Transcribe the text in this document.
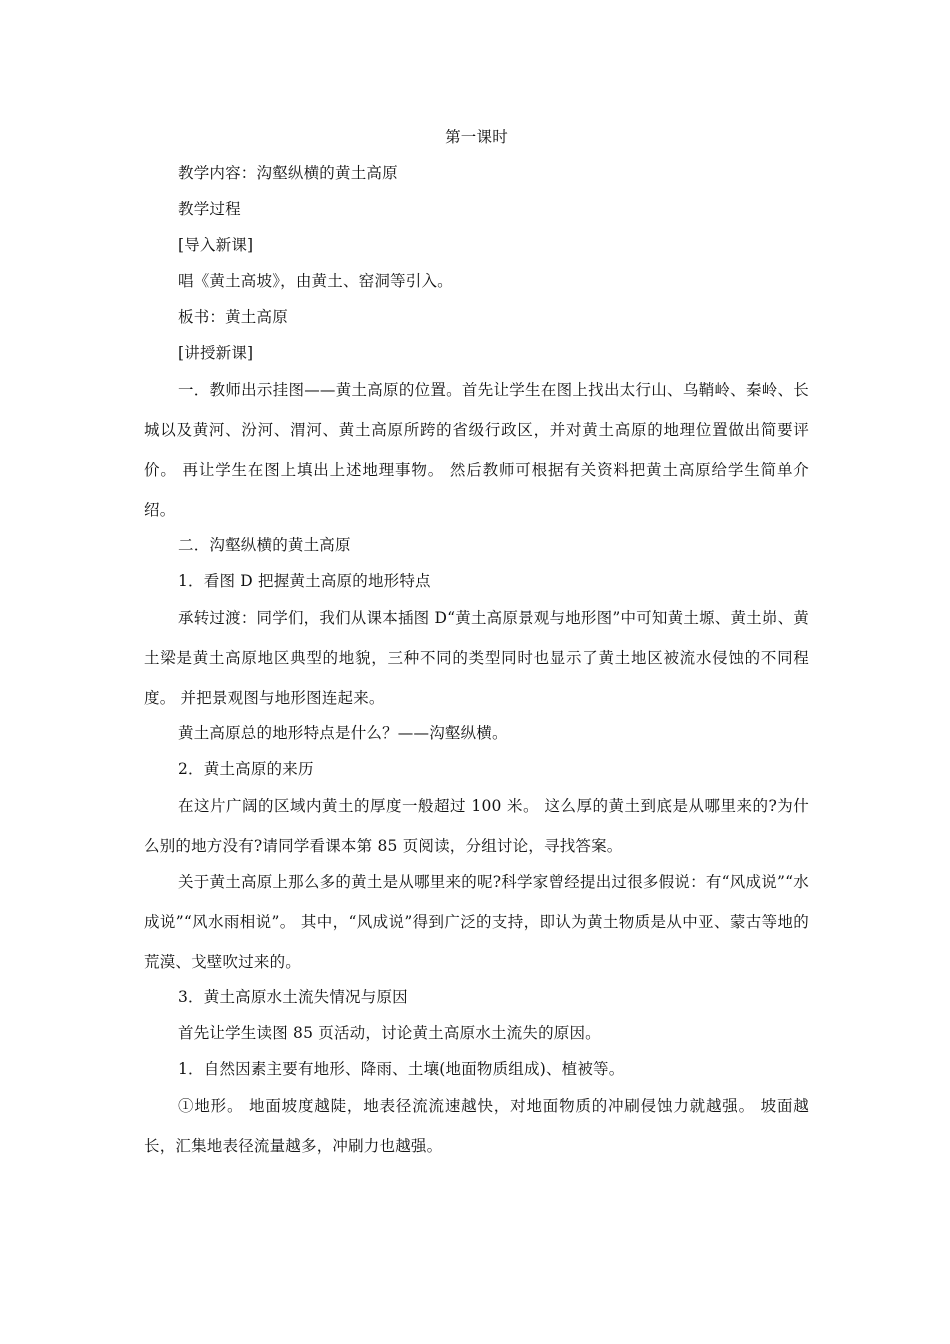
第一课时

教学内容：沟壑纵横的黄土高原

教学过程

[导入新课]

唱《黄土高坡》，由黄土、窑洞等引入。

板书：黄土高原

[讲授新课]

一．教师出示挂图——黄土高原的位置。首先让学生在图上找出太行山、乌鞘岭、秦岭、长城以及黄河、汾河、渭河、黄土高原所跨的省级行政区，并对黄土高原的地理位置做出简要评价。 再让学生在图上填出上述地理事物。 然后教师可根据有关资料把黄土高原给学生简单介绍。

二．沟壑纵横的黄土高原

1．看图 D 把握黄土高原的地形特点

承转过渡：同学们，我们从课本插图 D“黄土高原景观与地形图”中可知黄土塬、黄土峁、黄土梁是黄土高原地区典型的地貌，三种不同的类型同时也显示了黄土地区被流水侵蚀的不同程度。 并把景观图与地形图连起来。

黄土高原总的地形特点是什么？——沟壑纵横。

2．黄土高原的来历

在这片广阔的区域内黄土的厚度一般超过 100 米。 这么厚的黄土到底是从哪里来的?为什么别的地方没有?请同学看课本第 85 页阅读，分组讨论，寻找答案。

关于黄土高原上那么多的黄土是从哪里来的呢?科学家曾经提出过很多假说：有“风成说”“水成说”“风水雨相说”。 其中，“风成说”得到广泛的支持，即认为黄土物质是从中亚、蒙古等地的荒漠、戈壁吹过来的。

3．黄土高原水土流失情况与原因

首先让学生读图 85 页活动，讨论黄土高原水土流失的原因。

1．自然因素主要有地形、降雨、土壤(地面物质组成)、植被等。

①地形。 地面坡度越陡，地表径流流速越快，对地面物质的冲刷侵蚀力就越强。 坡面越长，汇集地表径流量越多，冲刷力也越强。
